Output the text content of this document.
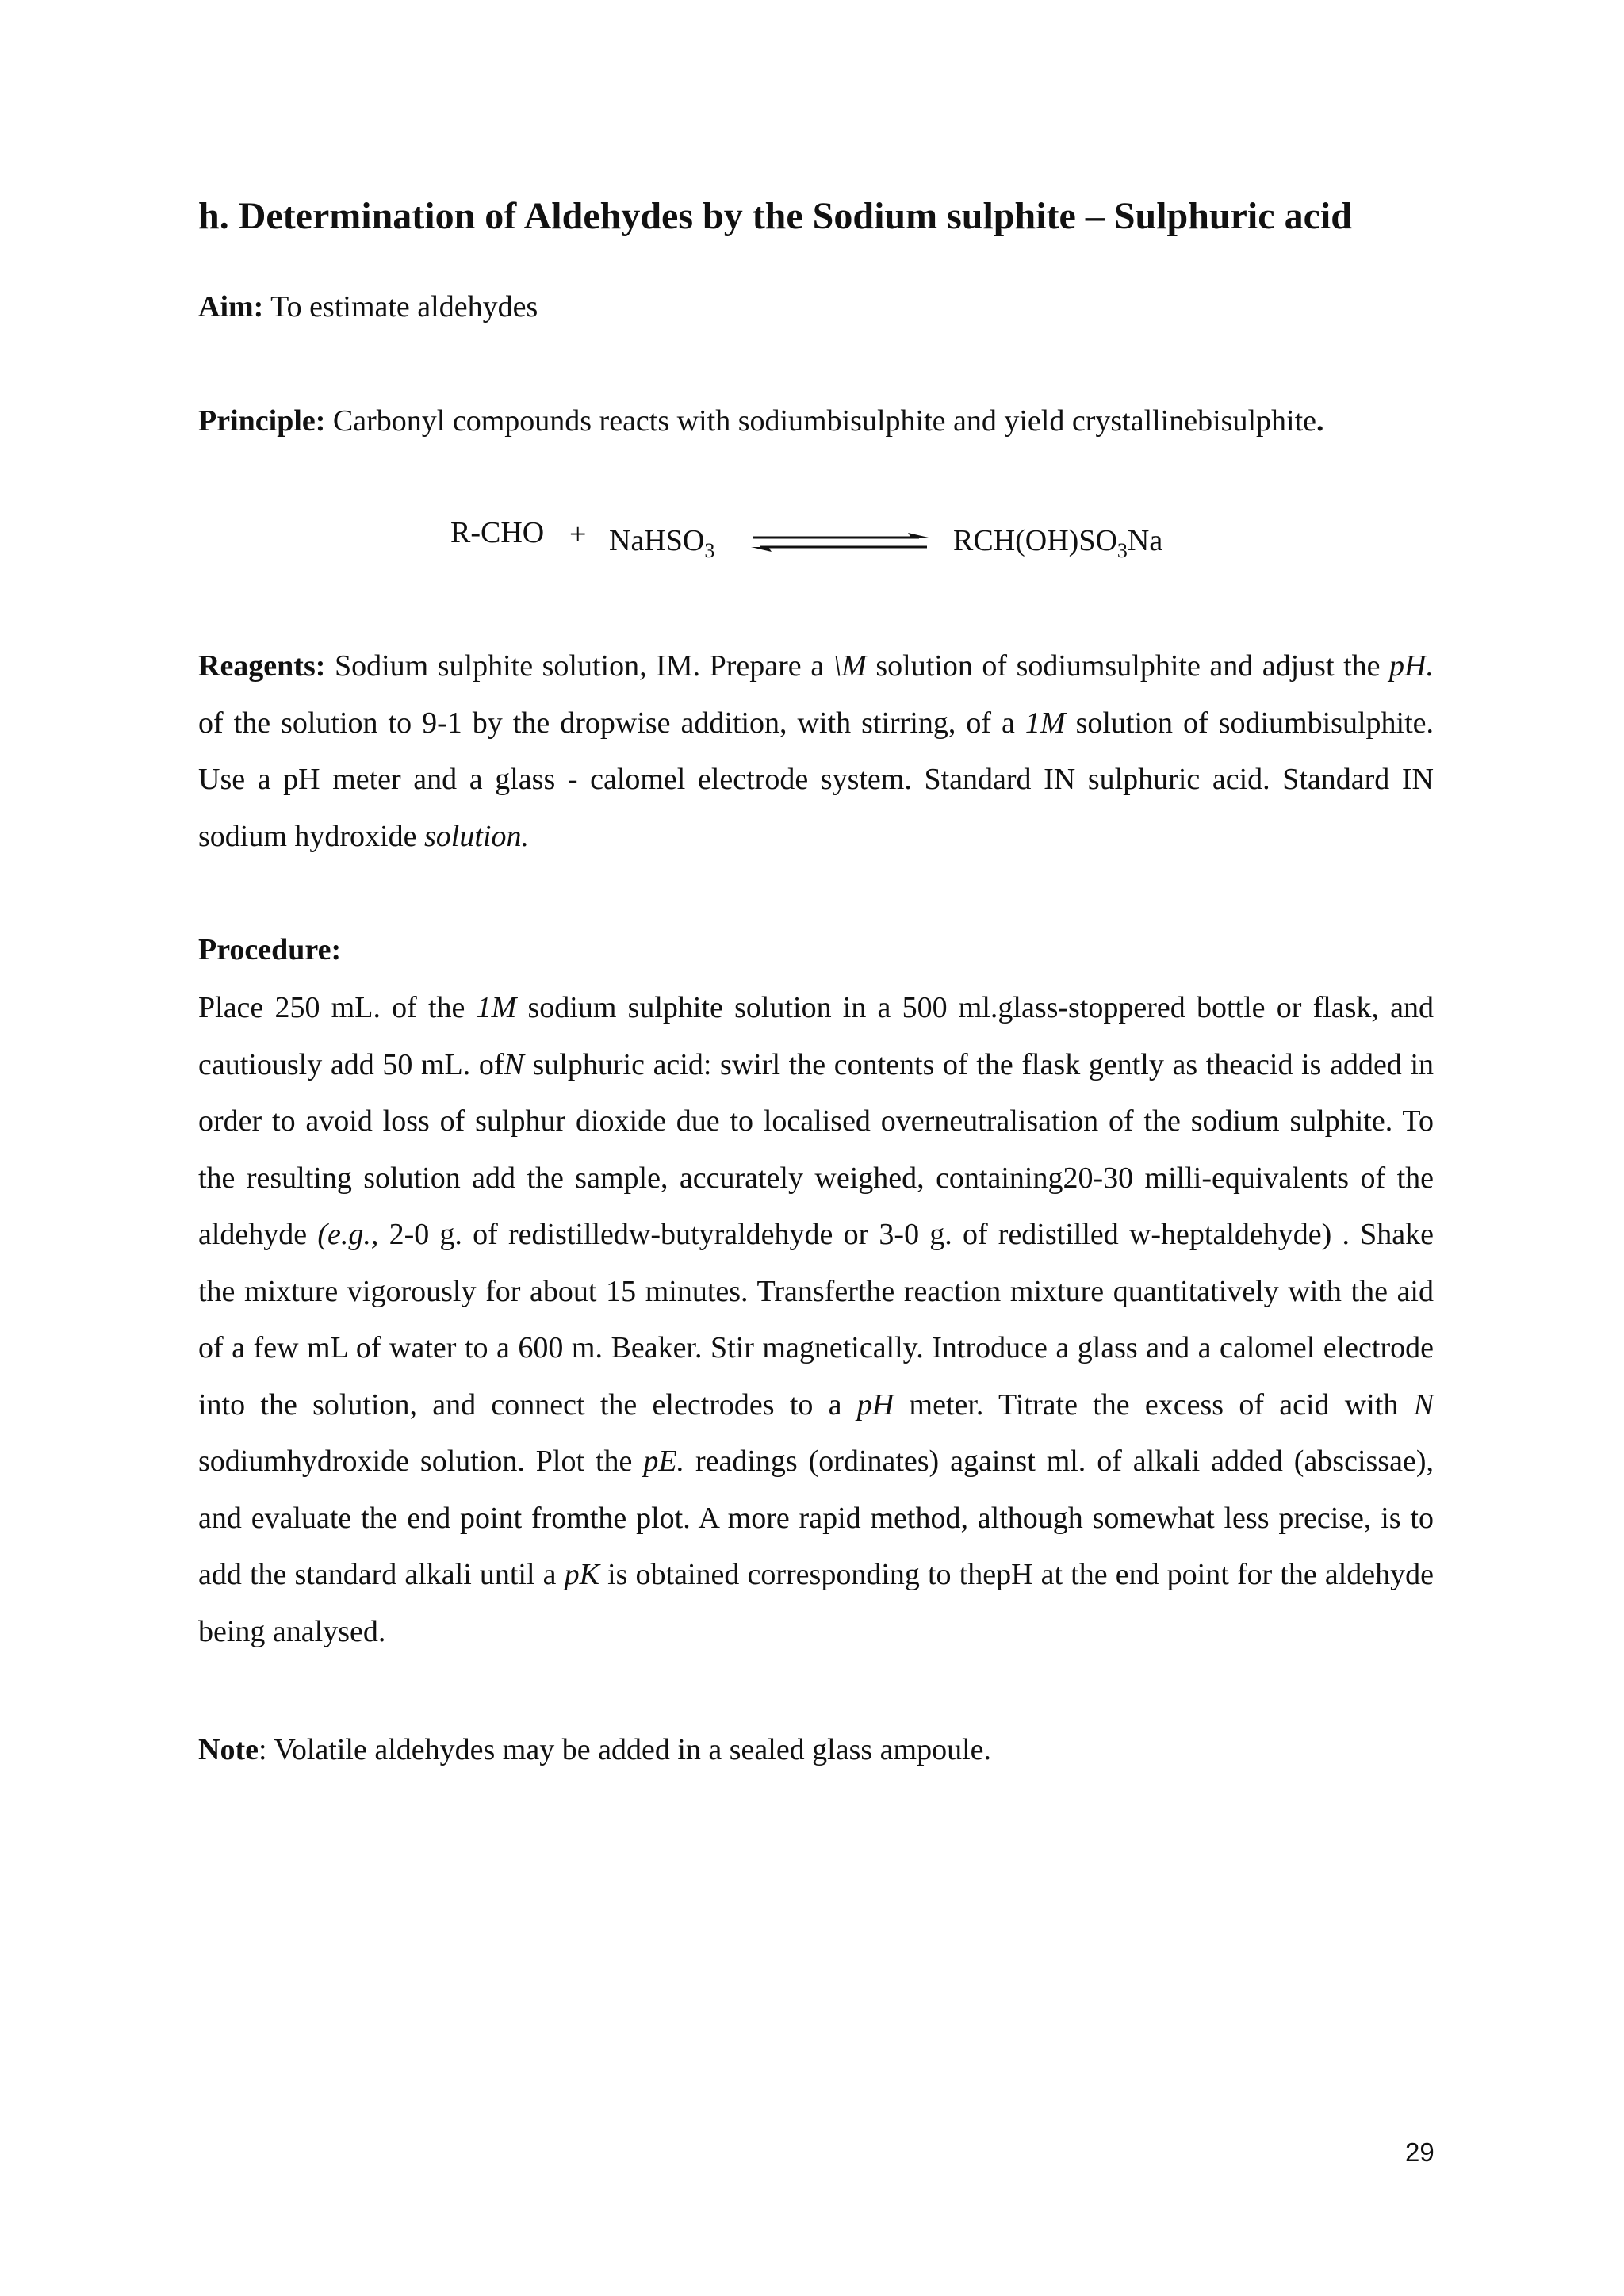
h. Determination of Aldehydes by the Sodium sulphite – Sulphuric acid

Aim: To estimate aldehydes

Principle: Carbonyl compounds reacts with sodiumbisulphite and yield crystallinebisulphite.

R-CHO + NaHSO$_3$	$RCH(OH)SO_3Na$

Reagents: Sodium sulphite solution, IM. Prepare a \M solution of sodiumsulphite and adjust the pH. of the solution to 9-1 by the dropwise addition, with stirring, of a 1M solution of sodiumbisulphite. Use a pH meter and a glass - calomel electrode system. Standard IN sulphuric acid. Standard IN sodium hydroxide solution.

Procedure:

Place 250 mL. of the 1M sodium sulphite solution in a 500 ml.glass-stoppered bottle or flask, and cautiously add 50 mL. ofN sulphuric acid: swirl the contents of the flask gently as theacid is added in order to avoid loss of sulphur dioxide due to localised overneutralisation of the sodium sulphite. To the resulting solution add the sample, accurately weighed, containing20-30 milli-equivalents of the aldehyde (e.g., 2-0 g. of redistilledw-butyraldehyde or 3-0 g. of redistilled w-heptaldehyde) . Shake the mixture vigorously for about 15 minutes. Transferthe reaction mixture quantitatively with the aid of a few mL of water to a 600 m. Beaker. Stir magnetically. Introduce a glass and a calomel electrode into the solution, and connect the electrodes to a pH meter. Titrate the excess of acid with N sodiumhydroxide solution. Plot the pE. readings (ordinates) against ml. of alkali added (abscissae), and evaluate the end point fromthe plot. A more rapid method, although somewhat less precise, is to add the standard alkali until a pK is obtained corresponding to thepH at the end point for the aldehyde being analysed.

Note: Volatile aldehydes may be added in a sealed glass ampoule.

29
